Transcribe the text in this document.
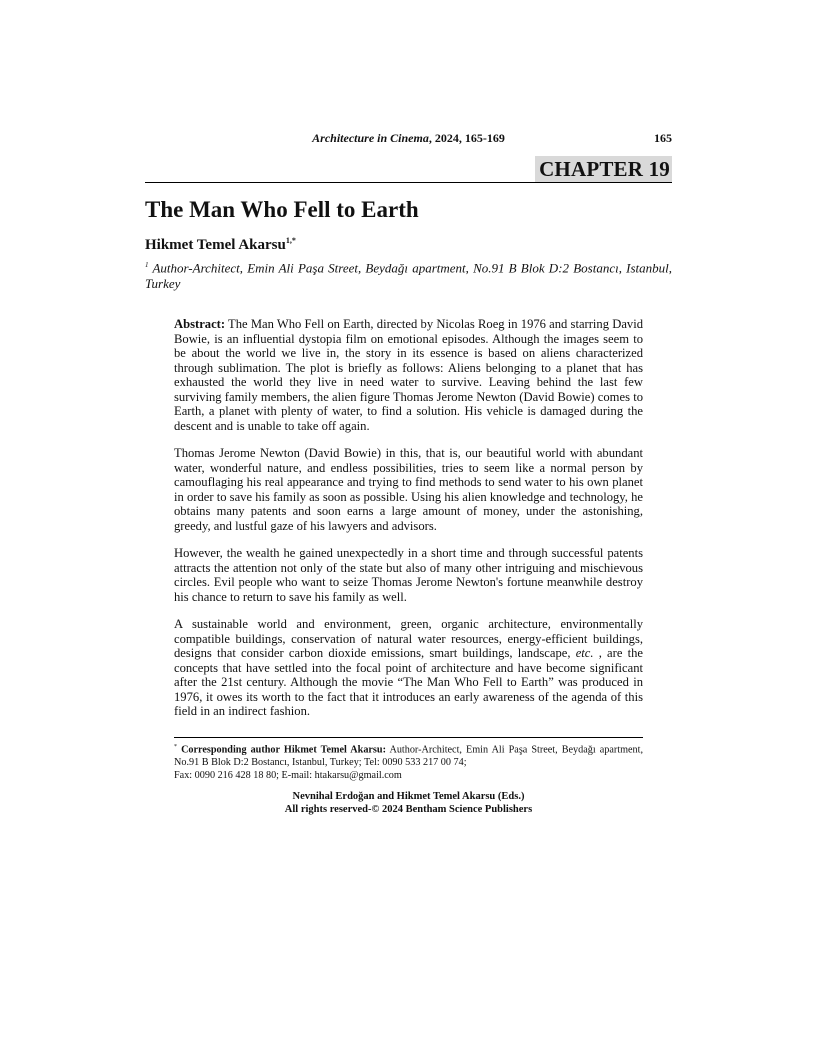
Architecture in Cinema, 2024, 165-169	165
CHAPTER 19
The Man Who Fell to Earth
Hikmet Temel Akarsu$^{1,*}$
$^1$ Author-Architect, Emin Ali Paşa Street, Beydağı apartment, No.91 B Blok D:2 Bostancı, Istanbul, Turkey

Abstract: The Man Who Fell on Earth, directed by Nicolas Roeg in 1976 and starring David Bowie, is an influential dystopia film on emotional episodes. Although the images seem to be about the world we live in, the story in its essence is based on aliens characterized through sublimation. The plot is briefly as follows: Aliens belonging to a planet that has exhausted the world they live in need water to survive. Leaving behind the last few surviving family members, the alien figure Thomas Jerome Newton (David Bowie) comes to Earth, a planet with plenty of water, to find a solution. His vehicle is damaged during the descent and is unable to take off again.

Thomas Jerome Newton (David Bowie) in this, that is, our beautiful world with abundant water, wonderful nature, and endless possibilities, tries to seem like a normal person by camouflaging his real appearance and trying to find methods to send water to his own planet in order to save his family as soon as possible. Using his alien knowledge and technology, he obtains many patents and soon earns a large amount of money, under the astonishing, greedy, and lustful gaze of his lawyers and advisors.

However, the wealth he gained unexpectedly in a short time and through successful patents attracts the attention not only of the state but also of many other intriguing and mischievous circles. Evil people who want to seize Thomas Jerome Newton's fortune meanwhile destroy his chance to return to save his family as well.

A sustainable world and environment, green, organic architecture, environmentally compatible buildings, conservation of natural water resources, energy-efficient buildings, designs that consider carbon dioxide emissions, smart buildings, landscape, etc. , are the concepts that have settled into the focal point of architecture and have become significant after the 21st century. Although the movie “The Man Who Fell to Earth” was produced in 1976, it owes its worth to the fact that it introduces an early awareness of the agenda of this field in an indirect fashion.

* Corresponding author Hikmet Temel Akarsu: Author-Architect, Emin Ali Paşa Street, Beydağı apartment, No.91 B Blok D:2 Bostancı, Istanbul, Turkey; Tel: 0090 533 217 00 74;
Fax: 0090 216 428 18 80; E-mail: htakarsu@gmail.com
Nevnihal Erdoğan and Hikmet Temel Akarsu (Eds.)
All rights reserved-© 2024 Bentham Science Publishers
